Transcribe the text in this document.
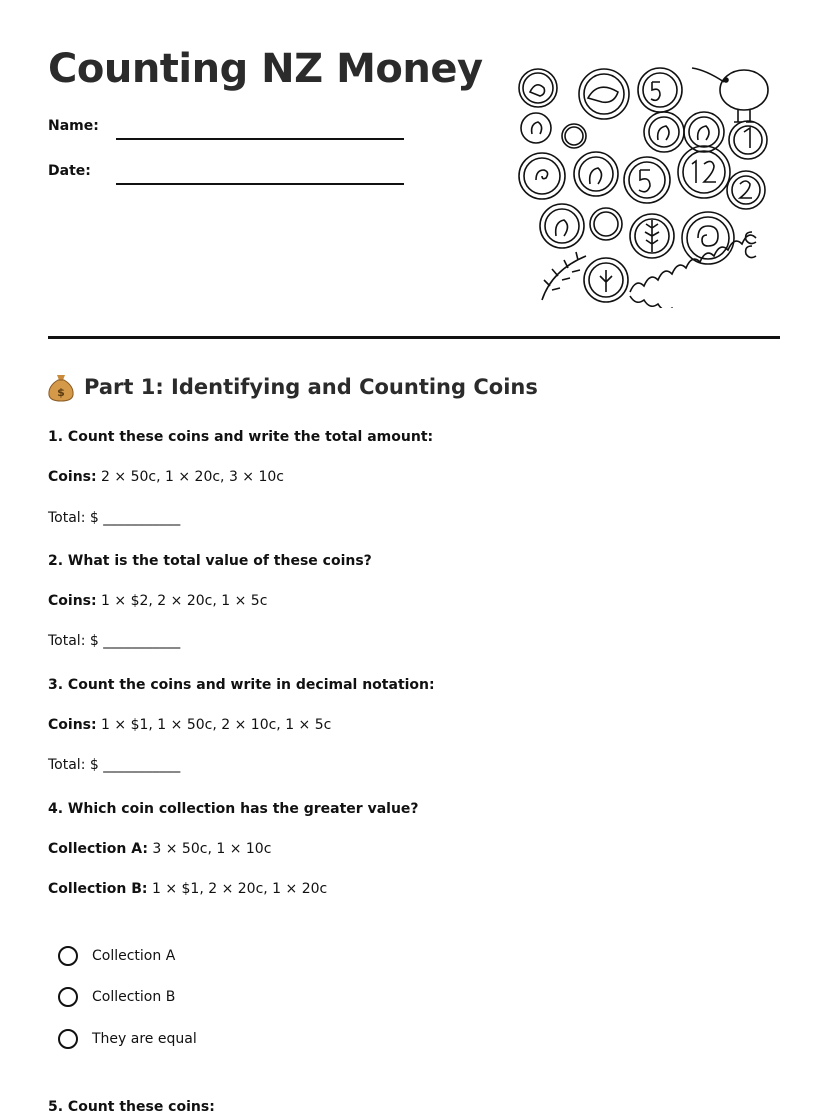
Counting NZ Money
Name:
Date:
$ Part 1: Identifying and Counting Coins
1. Count these coins and write the total amount:
Coins: 2 × 50c, 1 × 20c, 3 × 10c
Total: $ ___________
2. What is the total value of these coins?
Coins: 1 × $2, 2 × 20c, 1 × 5c
Total: $ ___________
3. Count the coins and write in decimal notation:
Coins: 1 × $1, 1 × 50c, 2 × 10c, 1 × 5c
Total: $ ___________
4. Which coin collection has the greater value?
Collection A: 3 × 50c, 1 × 10c
Collection B: 1 × $1, 2 × 20c, 1 × 20c
Collection A
Collection B
They are equal
5. Count these coins:
